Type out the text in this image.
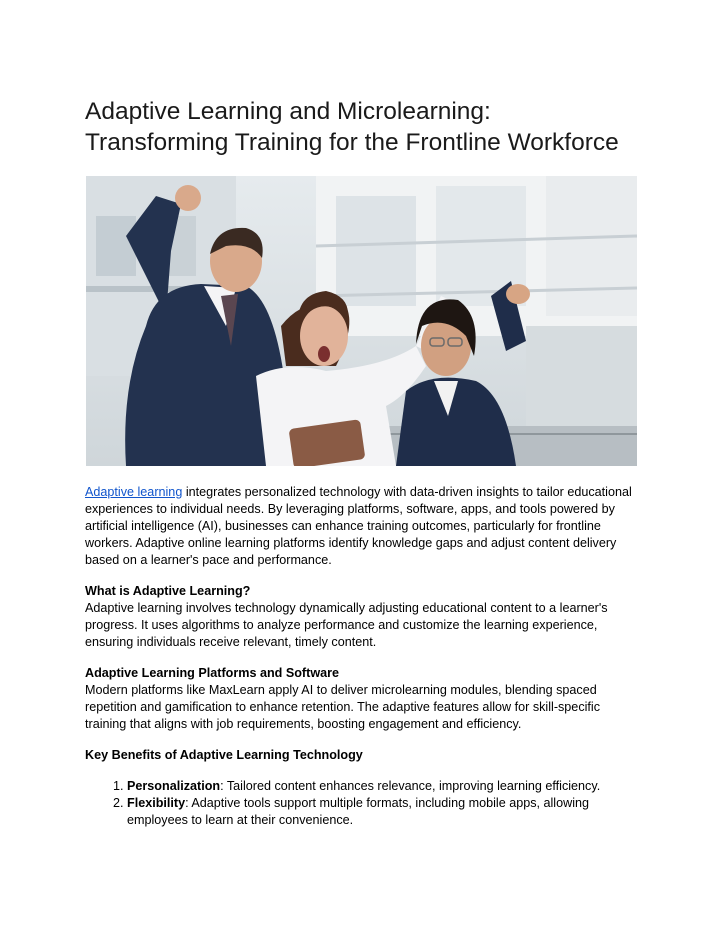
Adaptive Learning and Microlearning: Transforming Training for the Frontline Workforce

Adaptive learning integrates personalized technology with data-driven insights to tailor educational experiences to individual needs. By leveraging platforms, software, apps, and tools powered by artificial intelligence (AI), businesses can enhance training outcomes, particularly for frontline workers. Adaptive online learning platforms identify knowledge gaps and adjust content delivery based on a learner's pace and performance.

What is Adaptive Learning?
Adaptive learning involves technology dynamically adjusting educational content to a learner's progress. It uses algorithms to analyze performance and customize the learning experience, ensuring individuals receive relevant, timely content.

Adaptive Learning Platforms and Software
Modern platforms like MaxLearn apply AI to deliver microlearning modules, blending spaced repetition and gamification to enhance retention. The adaptive features allow for skill-specific training that aligns with job requirements, boosting engagement and efficiency.

Key Benefits of Adaptive Learning Technology

1. Personalization: Tailored content enhances relevance, improving learning efficiency.
2. Flexibility: Adaptive tools support multiple formats, including mobile apps, allowing employees to learn at their convenience.
